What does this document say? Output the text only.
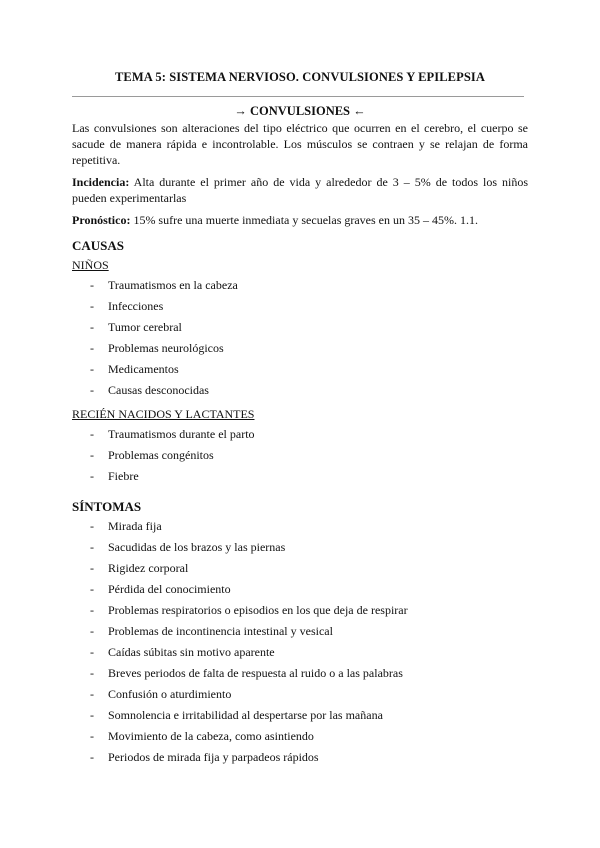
TEMA 5: SISTEMA NERVIOSO. CONVULSIONES Y EPILEPSIA
→ CONVULSIONES ←

Las convulsiones son alteraciones del tipo eléctrico que ocurren en el cerebro, el cuerpo se sacude de manera rápida e incontrolable. Los músculos se contraen y se relajan de forma repetitiva.

Incidencia: Alta durante el primer año de vida y alrededor de 3 – 5% de todos los niños pueden experimentarlas

Pronóstico: 15% sufre una muerte inmediata y secuelas graves en un 35 – 45%. 1.1.

CAUSAS
NIÑOS
- Traumatismos en la cabeza
- Infecciones
- Tumor cerebral
- Problemas neurológicos
- Medicamentos
- Causas desconocidas
RECIÉN NACIDOS Y LACTANTES
- Traumatismos durante el parto
- Problemas congénitos
- Fiebre
SÍNTOMAS
- Mirada fija
- Sacudidas de los brazos y las piernas
- Rigidez corporal
- Pérdida del conocimiento
- Problemas respiratorios o episodios en los que deja de respirar
- Problemas de incontinencia intestinal y vesical
- Caídas súbitas sin motivo aparente
- Breves periodos de falta de respuesta al ruido o a las palabras
- Confusión o aturdimiento
- Somnolencia e irritabilidad al despertarse por las mañana
- Movimiento de la cabeza, como asintiendo
- Periodos de mirada fija y parpadeos rápidos
